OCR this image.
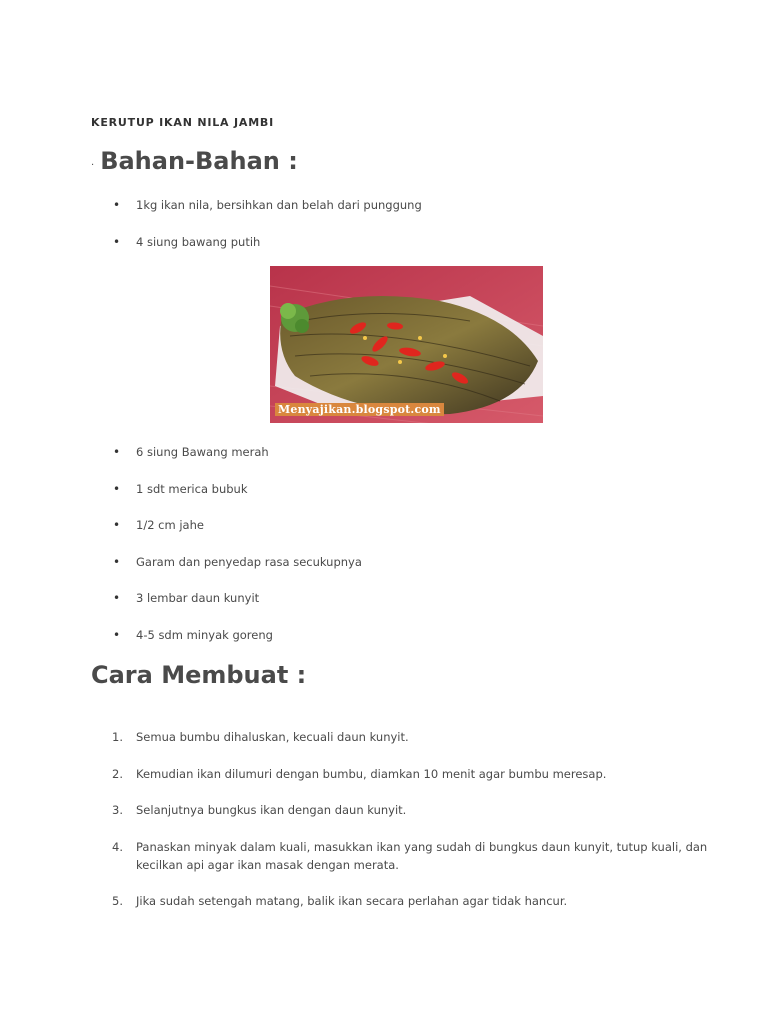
KERUTUP IKAN NILA JAMBI
. Bahan-Bahan :
• 1kg ikan nila, bersihkan dan belah dari punggung
• 4 siung bawang putih
Menyajikan.blogspot.com
• 6 siung Bawang merah
• 1 sdt merica bubuk
• 1/2 cm jahe
• Garam dan penyedap rasa secukupnya
• 3 lembar daun kunyit
• 4-5 sdm minyak goreng
Cara Membuat :
1. Semua bumbu dihaluskan, kecuali daun kunyit.
2. Kemudian ikan dilumuri dengan bumbu, diamkan 10 menit agar bumbu meresap.
3. Selanjutnya bungkus ikan dengan daun kunyit.
4. Panaskan minyak dalam kuali, masukkan ikan yang sudah di bungkus daun kunyit, tutup kuali, dan kecilkan api agar ikan masak dengan merata.
5. Jika sudah setengah matang, balik ikan secara perlahan agar tidak hancur.
